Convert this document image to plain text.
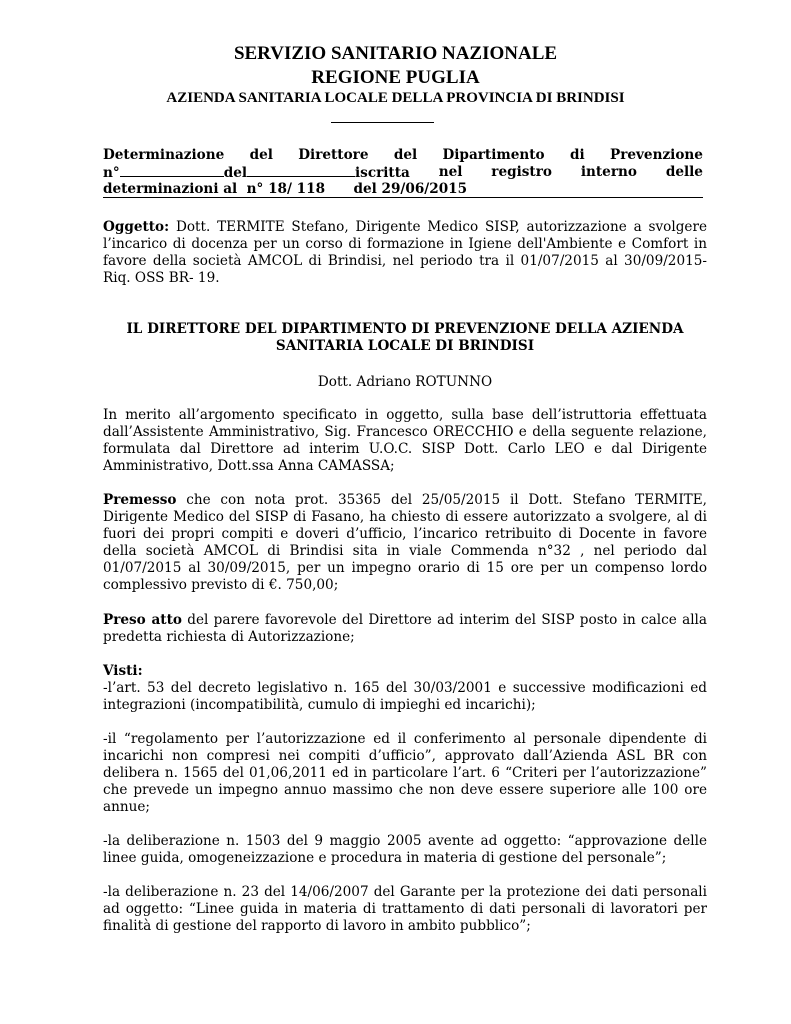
SERVIZIO SANITARIO NAZIONALE
REGIONE PUGLIA
AZIENDA SANITARIA LOCALE DELLA PROVINCIA DI BRINDISI
Determinazione del Direttore del Dipartimento di Prevenzione
n°	del	iscritta nel registro interno delle
determinazioni al  n° 18/ 118      del 29/06/2015
Oggetto: Dott. TERMITE Stefano, Dirigente Medico SISP, autorizzazione a svolgere l’incarico di docenza per un corso di formazione in Igiene dell'Ambiente e Comfort in favore della società AMCOL di Brindisi, nel periodo tra il 01/07/2015 al 30/09/2015- Riq. OSS BR- 19.
IL DIRETTORE DEL DIPARTIMENTO DI PREVENZIONE DELLA AZIENDA
SANITARIA LOCALE DI BRINDISI
Dott. Adriano ROTUNNO
In merito all’argomento specificato in oggetto, sulla base dell’istruttoria effettuata dall’Assistente Amministrativo, Sig. Francesco ORECCHIO e della seguente relazione, formulata dal Direttore ad interim U.O.C. SISP Dott. Carlo LEO e dal Dirigente Amministrativo, Dott.ssa Anna CAMASSA;
Premesso che con nota prot. 35365 del 25/05/2015 il Dott. Stefano TERMITE, Dirigente Medico del SISP di Fasano, ha chiesto di essere autorizzato a svolgere, al di fuori dei propri compiti e doveri d’ufficio, l’incarico retribuito di Docente in favore della società AMCOL di Brindisi sita in viale Commenda n°32 , nel periodo dal 01/07/2015 al 30/09/2015, per un impegno orario di 15 ore per un compenso lordo complessivo previsto di €. 750,00;
Preso atto del parere favorevole del Direttore ad interim del SISP posto in calce alla predetta richiesta di Autorizzazione;
Visti:
-l’art. 53 del decreto legislativo n. 165 del 30/03/2001 e successive modificazioni ed integrazioni (incompatibilità, cumulo di impieghi ed incarichi);
-il “regolamento per l’autorizzazione ed il conferimento al personale dipendente di incarichi non compresi nei compiti d’ufficio”, approvato dall’Azienda ASL BR con delibera n. 1565 del 01,06,2011 ed in particolare l’art. 6 “Criteri per l’autorizzazione” che prevede un impegno annuo massimo che non deve essere superiore alle 100 ore annue;
-la deliberazione n. 1503 del 9 maggio 2005 avente ad oggetto: “approvazione delle linee guida, omogeneizzazione e procedura in materia di gestione del personale”;
-la deliberazione n. 23 del 14/06/2007 del Garante per la protezione dei dati personali ad oggetto: “Linee guida in materia di trattamento di dati personali di lavoratori per finalità di gestione del rapporto di lavoro in ambito pubblico”;
